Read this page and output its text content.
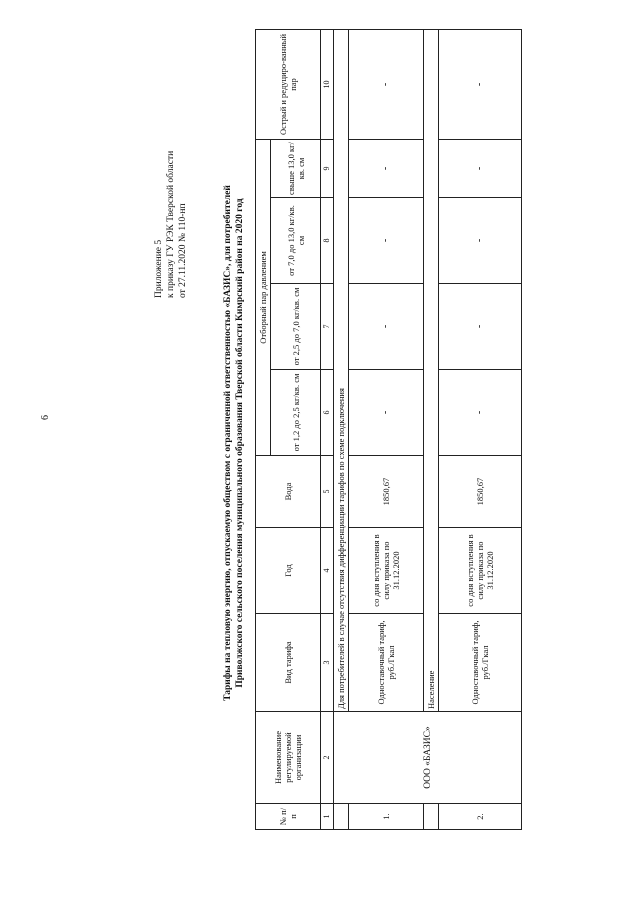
6
Приложение 5 к приказу ГУ РЭК Тверской области от 27.11.2020 № 110-нп	Тарифы на тепловую энергию, отпускаемую обществом с ограниченной ответственностью «БАЗИС», для потребителей Приволжского сельского поселения муниципального образования Тверской области Кимрский район на 2020 год
№ п/ п	Наименование регулируемой организации	Вид тарифа	Год	Вода	Отборный пар давлением				Острый и редуциро-ванный пар
					от 1,2 до 2,5 кг/кв. см	от 2,5 до 7,0 кг/кв. см	от 7,0 до 13,0 кг/кв. см	свыше 13,0 кг/кв. см	
1	2	3	4	5	6	7	8	9	10
	ООО «БАЗИС»	Для потребителей в случае отсутствия дифференциации тарифов по схеме подключения							
1.		Одноставочный тариф, руб./Гкал	со дня вступления в силу приказа по 31.12.2020	1850,67	-	-	-	-	-
		Население							
2.		Одноставочный тариф, руб./Гкал	со дня вступления в силу приказа по 31.12.2020	1850,67	-	-	-	-	-
